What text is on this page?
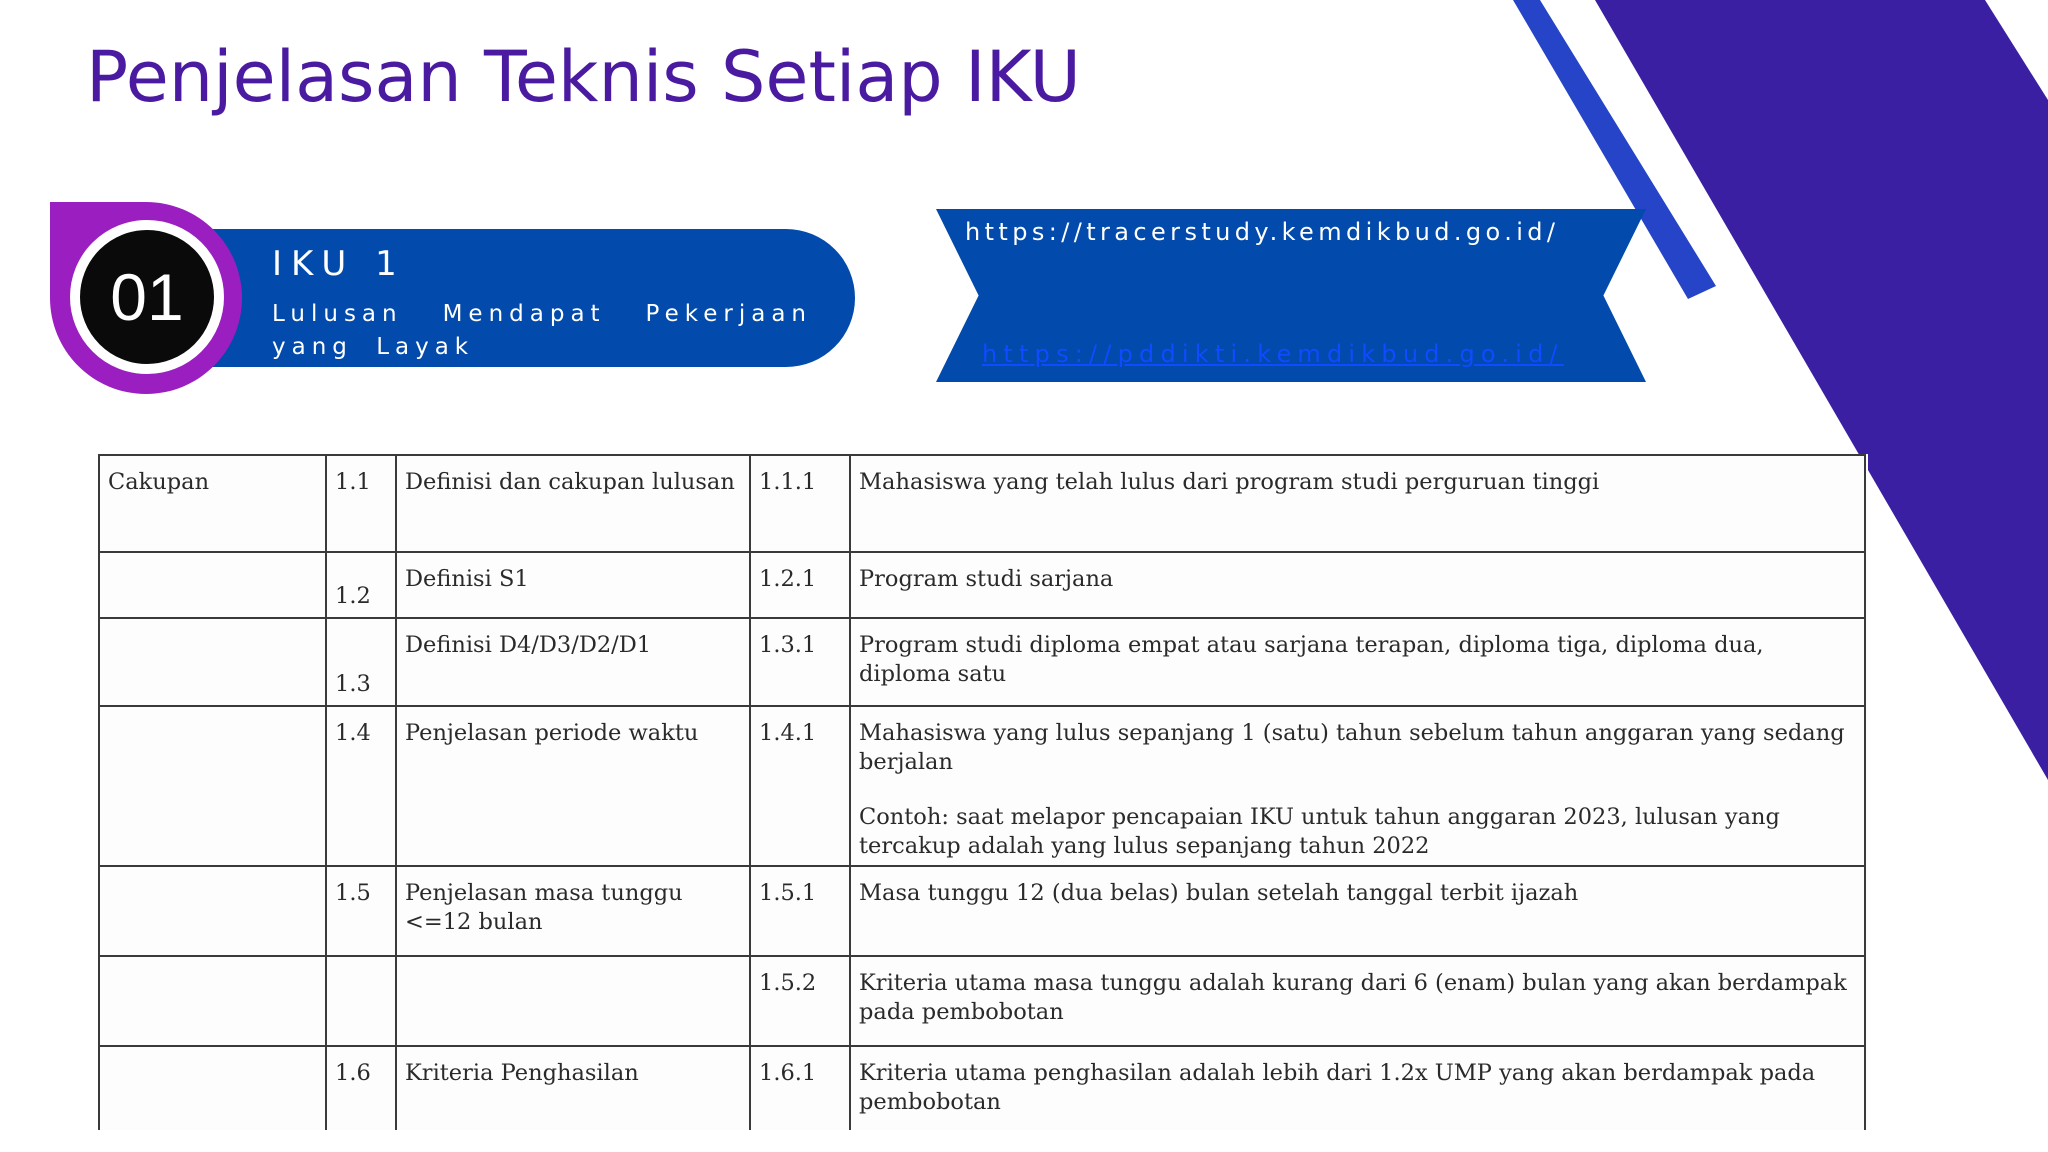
Penjelasan Teknis Setiap IKU
01	IKU 1
Lulusan Mendapat Pekerjaan yang Layak
https://tracerstudy.kemdikbud.go.id/
https://pddikti.kemdikbud.go.id/
Cakupan	1.1	Definisi dan cakupan lulusan	1.1.1	Mahasiswa yang telah lulus dari program studi perguruan tinggi
	1.2	Definisi S1	1.2.1	Program studi sarjana
	1.3	Definisi D4/D3/D2/D1	1.3.1	Program studi diploma empat atau sarjana terapan, diploma tiga, diploma dua, diploma satu
	1.4	Penjelasan periode waktu	1.4.1	Mahasiswa yang lulus sepanjang 1 (satu) tahun sebelum tahun anggaran yang sedang berjalan
Contoh: saat melapor pencapaian IKU untuk tahun anggaran 2023, lulusan yang tercakup adalah yang lulus sepanjang tahun 2022
	1.5	Penjelasan masa tunggu <=12 bulan	1.5.1	Masa tunggu 12 (dua belas) bulan setelah tanggal terbit ijazah
			1.5.2	Kriteria utama masa tunggu adalah kurang dari 6 (enam) bulan yang akan berdampak pada pembobotan
	1.6	Kriteria Penghasilan	1.6.1	Kriteria utama penghasilan adalah lebih dari 1.2x UMP yang akan berdampak pada pembobotan
